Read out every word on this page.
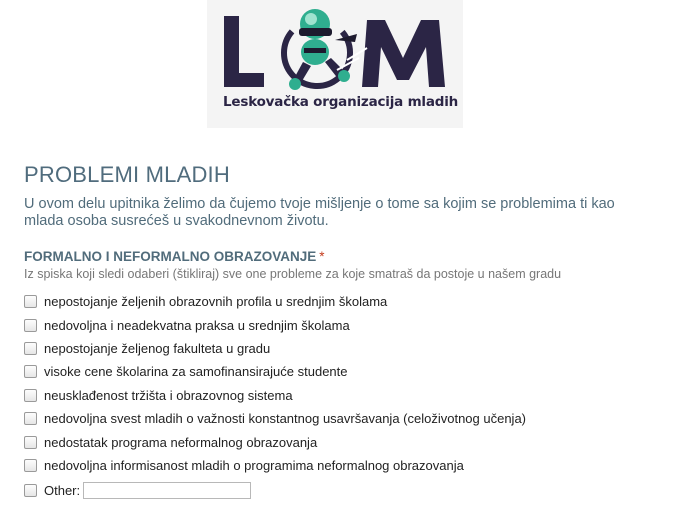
Leskovačka organizacija mladih
PROBLEMI MLADIH

U ovom delu upitnika želimo da čujemo tvoje mišljenje o tome sa kojim se problemima ti kao mlada osoba susrećeš u svakodnevnom životu.

FORMALNO I NEFORMALNO OBRAZOVANJE *

Iz spiska koji sledi odaberi (štikliraj) sve one probleme za koje smatraš da postoje u našem gradu

nepostojanje željenih obrazovnih profila u srednjim školama
nedovoljna i neadekvatna praksa u srednjim školama
nepostojanje željenog fakulteta u gradu
visoke cene školarina za samofinansirajuće studente
neusklađenost tržišta i obrazovnog sistema
nedovoljna svest mladih o važnosti konstantnog usavršavanja (celoživotnog učenja)
nedostatak programa neformalnog obrazovanja
nedovoljna informisanost mladih o programima neformalnog obrazovanja
Other:
